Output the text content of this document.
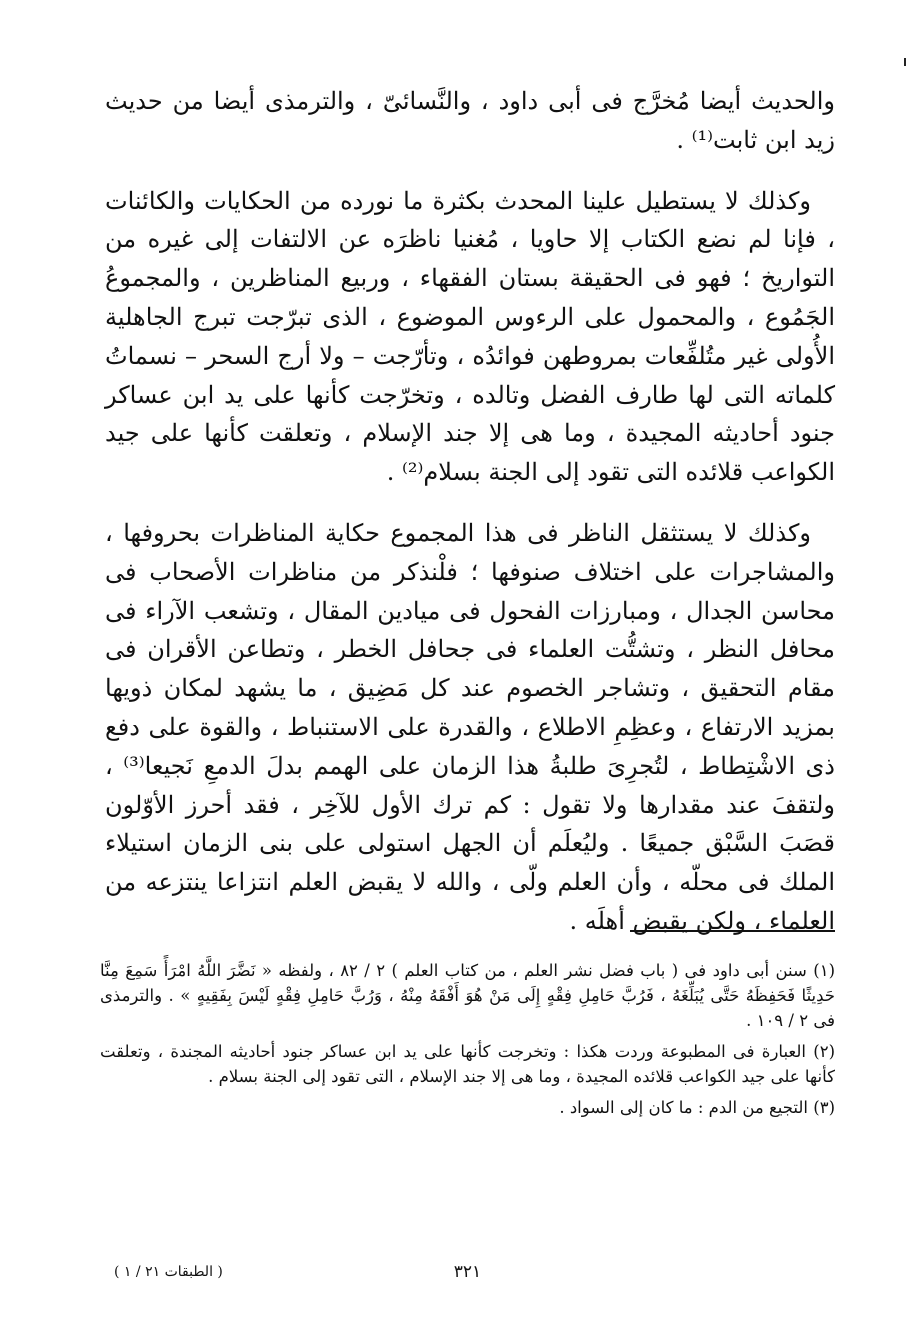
والحديث أيضا مُخرَّج فى أبى داود ، والنَّسائىّ ، والترمذى أيضا من حديث زيد ابن ثابت⁽¹⁾ .

وكذلك لا يستطيل علينا المحدث بكثرة ما نورده من الحكايات والكائنات ، فإنا لم نضع الكتاب إلا حاويا ، مُغنيا ناظرَه عن الالتفات إلى غيره من التواريخ ؛ فهو فى الحقيقة بستان الفقهاء ، وربيع المناظرين ، والمجموعُ الجَمُوع ، والمحمول على الرءوس الموضوع ، الذى تبرّجت تبرج الجاهلية الأُولى غير متُلفِّعات بمروطهن فوائدُه ، وتأرّجت – ولا أرج السحر – نسماتُ كلماته التى لها طارف الفضل وتالده ، وتخرّجت كأنها على يد ابن عساكر جنود أحاديثه المجيدة ، وما هى إلا جند الإسلام ، وتعلقت كأنها على جيد الكواعب قلائده التى تقود إلى الجنة بسلام⁽²⁾ .

وكذلك لا يستثقل الناظر فى هذا المجموع حكاية المناظرات بحروفها ، والمشاجرات على اختلاف صنوفها ؛ فلْنذكر من مناظرات الأصحاب فى محاسن الجدال ، ومبارزات الفحول فى ميادين المقال ، وتشعب الآراء فى محافل النظر ، وتشتُّت العلماء فى جحافل الخطر ، وتطاعن الأقران فى مقام التحقيق ، وتشاجر الخصوم عند كل مَضِيق ، ما يشهد لمكان ذويها بمزيد الارتفاع ، وعظِمِ الاطلاع ، والقدرة على الاستنباط ، والقوة على دفع ذى الاشْتِطاط ، لتُجرِىَ طلبةُ هذا الزمان على الهمم بدلَ الدمعِ نَجيعا⁽³⁾ ، ولتقفَ عند مقدارها ولا تقول : كم ترك الأول للآخِر ، فقد أحرز الأوّلون قصَبَ السَّبْق جميعًا . وليُعلَم أن الجهل استولى على بنى الزمان استيلاء الملك فى محلّه ، وأن العلم ولّى ، والله لا يقبض العلم انتزاعا ينتزعه من العلماء ، ولكن يقبض أهلَه .

(١) سنن أبى داود فى ( باب فضل نشر العلم ، من كتاب العلم ) ٢ / ٨٢ ، ولفظه « نَضَّرَ اللَّهُ امْرَأً سَمِعَ مِنَّا حَدِيثًا فَحَفِظَهُ حَتَّى يُبَلِّغَهُ ، فَرُبَّ حَامِلِ فِقْهٍ إِلَى مَنْ هُوَ أَفْقَهُ مِنْهُ ، وَرُبَّ حَامِلِ فِقْهٍ لَيْسَ بِفَقِيهٍ » . والترمذى فى ٢ / ١٠٩ .

(٢) العبارة فى المطبوعة وردت هكذا : وتخرجت كأنها على يد ابن عساكر جنود أحاديثه المجندة ، وتعلقت كأنها على جيد الكواعب قلائده المجيدة ، وما هى إلا جند الإسلام ، التى تقود إلى الجنة بسلام .

(٣) التجيع من الدم : ما كان إلى السواد .

٣٢١
( الطبقات ٢١ / ١ )
